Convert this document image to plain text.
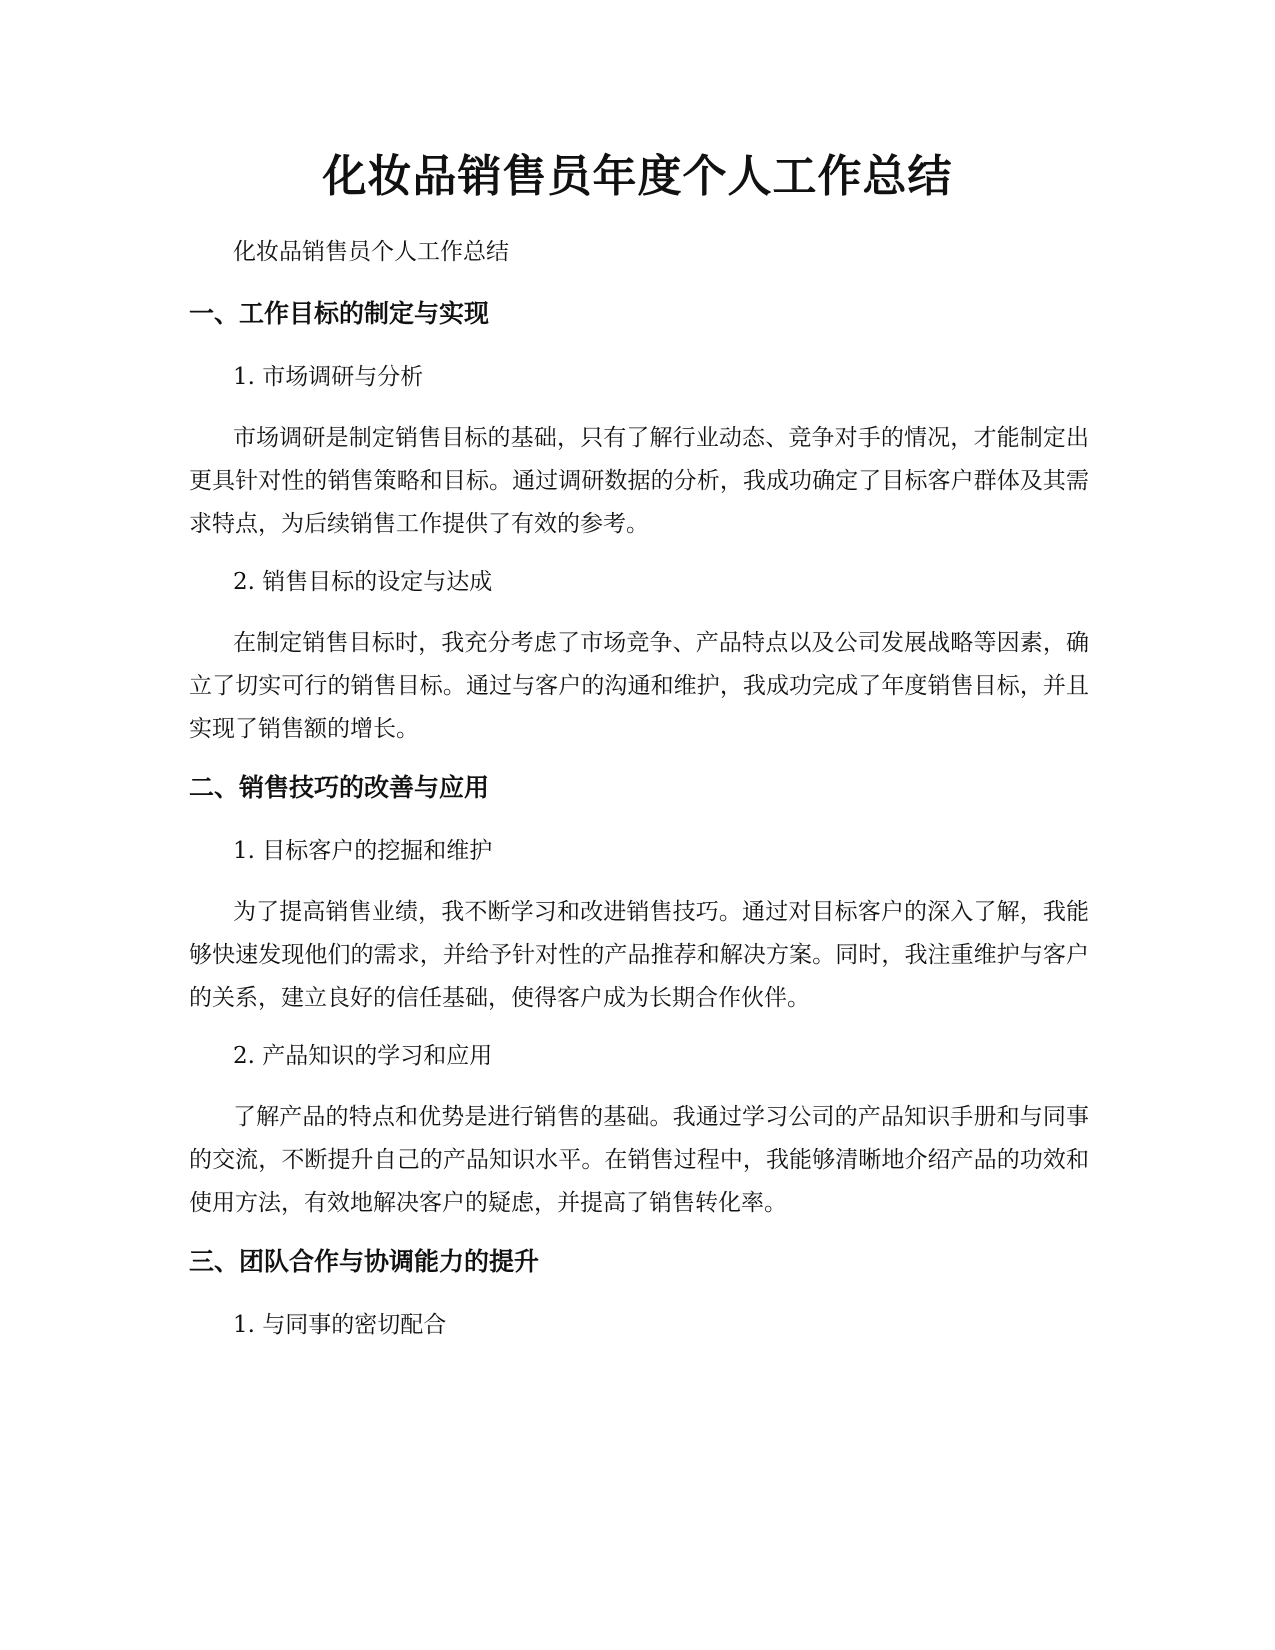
化妆品销售员年度个人工作总结

化妆品销售员个人工作总结

一、工作目标的制定与实现

1. 市场调研与分析

市场调研是制定销售目标的基础，只有了解行业动态、竞争对手的情况，才能制定出更具针对性的销售策略和目标。通过调研数据的分析，我成功确定了目标客户群体及其需求特点，为后续销售工作提供了有效的参考。

2. 销售目标的设定与达成

在制定销售目标时，我充分考虑了市场竞争、产品特点以及公司发展战略等因素，确立了切实可行的销售目标。通过与客户的沟通和维护，我成功完成了年度销售目标，并且实现了销售额的增长。

二、销售技巧的改善与应用

1. 目标客户的挖掘和维护

为了提高销售业绩，我不断学习和改进销售技巧。通过对目标客户的深入了解，我能够快速发现他们的需求，并给予针对性的产品推荐和解决方案。同时，我注重维护与客户的关系，建立良好的信任基础，使得客户成为长期合作伙伴。

2. 产品知识的学习和应用

了解产品的特点和优势是进行销售的基础。我通过学习公司的产品知识手册和与同事的交流，不断提升自己的产品知识水平。在销售过程中，我能够清晰地介绍产品的功效和使用方法，有效地解决客户的疑虑，并提高了销售转化率。

三、团队合作与协调能力的提升

1. 与同事的密切配合
